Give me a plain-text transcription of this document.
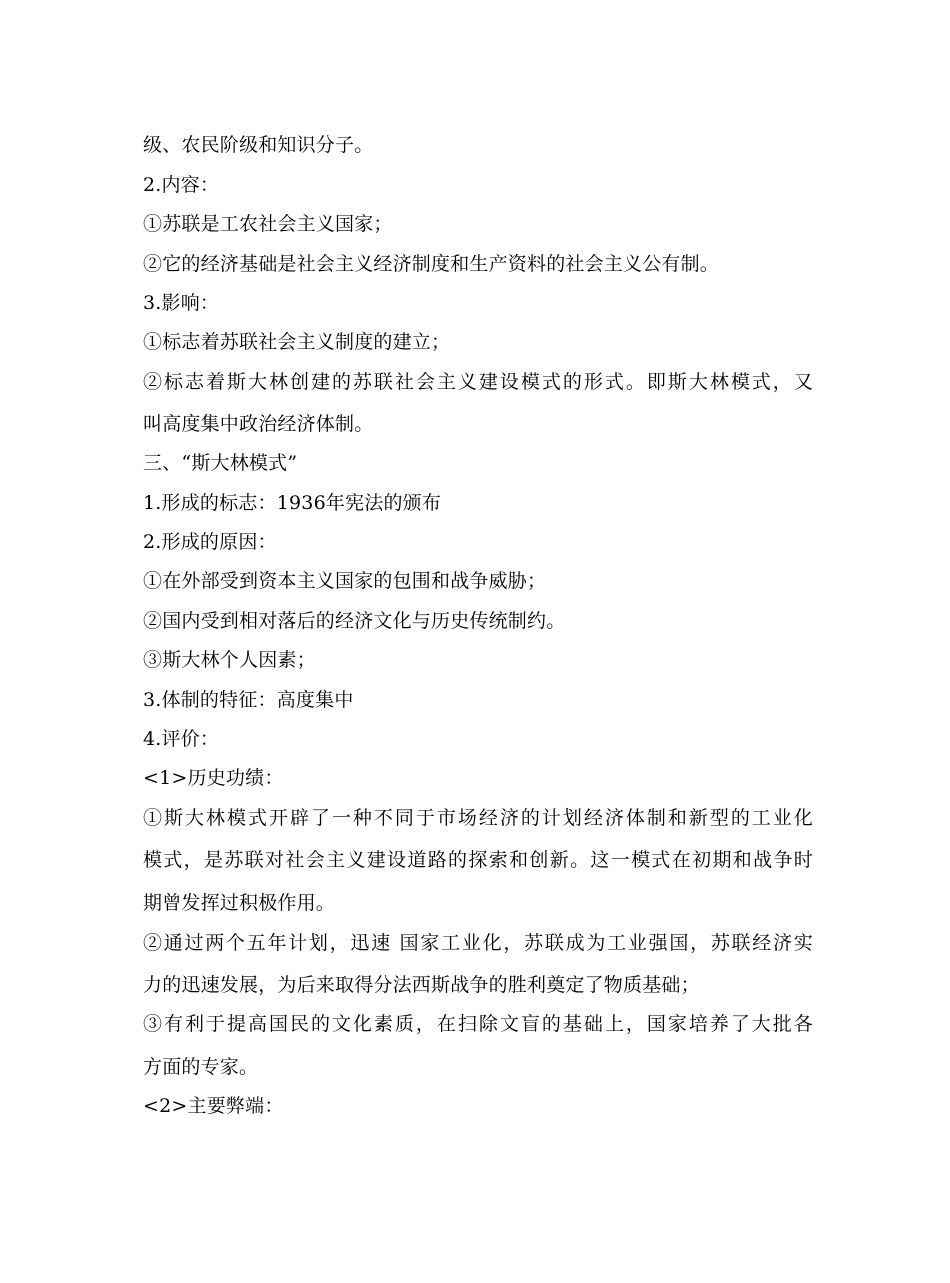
级、农民阶级和知识分子。
2.内容：
①苏联是工农社会主义国家；
②它的经济基础是社会主义经济制度和生产资料的社会主义公有制。
3.影响：
①标志着苏联社会主义制度的建立；
②标志着斯大林创建的苏联社会主义建设模式的形式。即斯大林模式，又
叫高度集中政治经济体制。
三、“斯大林模式”
1.形成的标志：1936年宪法的颁布
2.形成的原因：
①在外部受到资本主义国家的包围和战争威胁；
②国内受到相对落后的经济文化与历史传统制约。
③斯大林个人因素；
3.体制的特征：高度集中
4.评价：
<1>历史功绩：
①斯大林模式开辟了一种不同于市场经济的计划经济体制和新型的工业化
模式，是苏联对社会主义建设道路的探索和创新。这一模式在初期和战争时
期曾发挥过积极作用。
②通过两个五年计划，迅速 国家工业化，苏联成为工业强国，苏联经济实
力的迅速发展，为后来取得分法西斯战争的胜利奠定了物质基础；
③有利于提高国民的文化素质，在扫除文盲的基础上，国家培养了大批各
方面的专家。
<2>主要弊端：
